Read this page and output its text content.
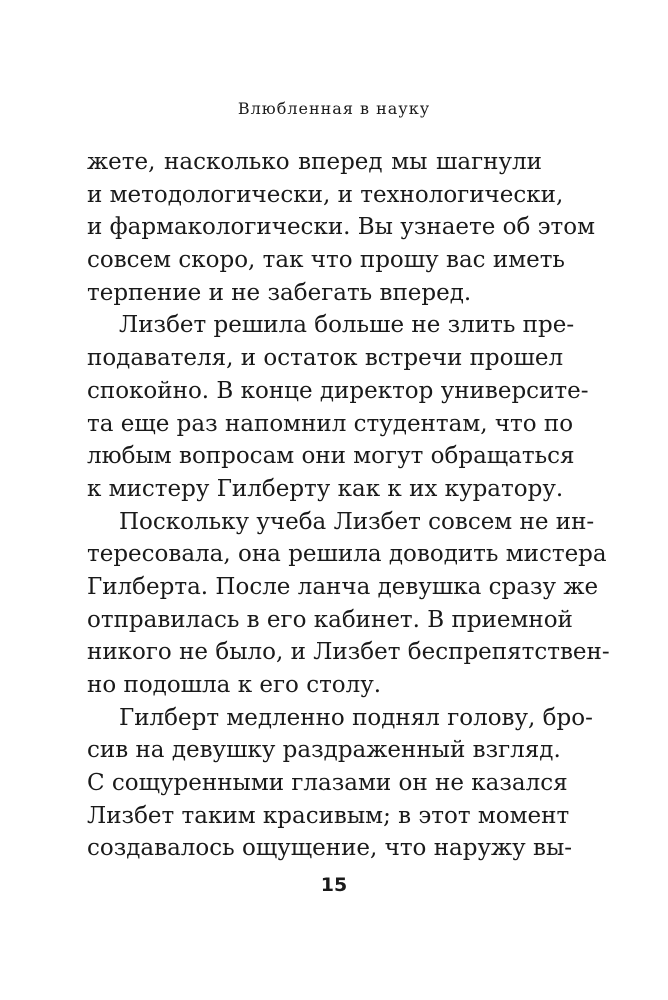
Влюбленная в науку
жете, насколько вперед мы шагнули
и методологически, и технологически,
и фармакологически. Вы узнаете об этом
совсем скоро, так что прошу вас иметь
терпение и не забегать вперед.
Лизбет решила больше не злить пре-
подавателя, и остаток встречи прошел
спокойно. В конце директор университе-
та еще раз напомнил студентам, что по
любым вопросам они могут обращаться
к мистеру Гилберту как к их куратору.
Поскольку учеба Лизбет совсем не ин-
тересовала, она решила доводить мистера
Гилберта. После ланча девушка сразу же
отправилась в его кабинет. В приемной
никого не было, и Лизбет беспрепятствен-
но подошла к его столу.
Гилберт медленно поднял голову, бро-
сив на девушку раздраженный взгляд.
С сощуренными глазами он не казался
Лизбет таким красивым; в этот момент
создавалось ощущение, что наружу вы-
15
